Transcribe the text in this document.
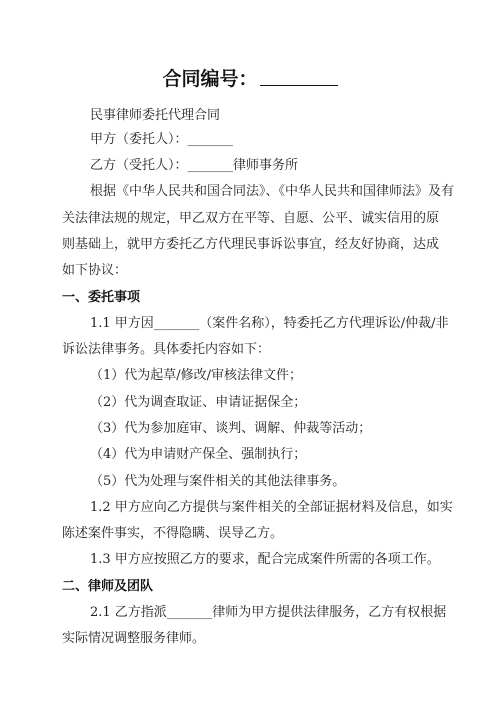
合同编号：
民事律师委托代理合同
甲方（委托人）：_______
乙方（受托人）：_______律师事务所
根据《中华人民共和国合同法》、《中华人民共和国律师法》及有
关法律法规的规定，甲乙双方在平等、自愿、公平、诚实信用的原
则基础上，就甲方委托乙方代理民事诉讼事宜，经友好协商，达成
如下协议：
一、委托事项
1.1 甲方因_______（案件名称），特委托乙方代理诉讼/仲裁/非
诉讼法律事务。具体委托内容如下：
（1）代为起草/修改/审核法律文件；
（2）代为调查取证、申请证据保全；
（3）代为参加庭审、谈判、调解、仲裁等活动；
（4）代为申请财产保全、强制执行；
（5）代为处理与案件相关的其他法律事务。
1.2 甲方应向乙方提供与案件相关的全部证据材料及信息，如实
陈述案件事实，不得隐瞒、误导乙方。
1.3 甲方应按照乙方的要求，配合完成案件所需的各项工作。
二、律师及团队
2.1 乙方指派_______律师为甲方提供法律服务，乙方有权根据
实际情况调整服务律师。
